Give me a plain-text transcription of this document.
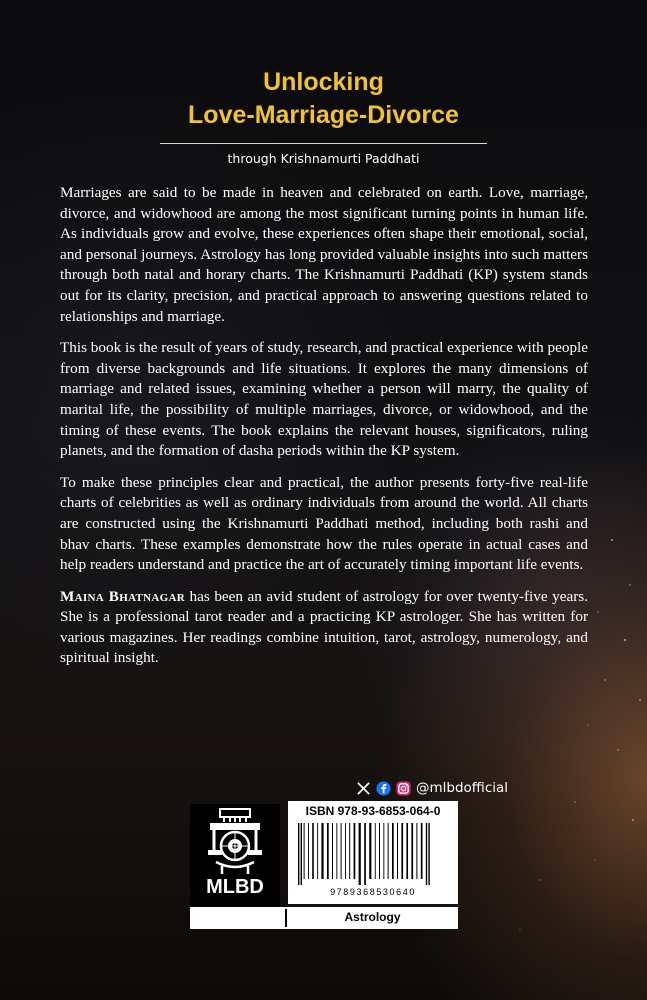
Unlocking
Love-Marriage-Divorce
through Krishnamurti Paddhati

Marriages are said to be made in heaven and celebrated on earth. Love, marriage, divorce, and widowhood are among the most significant turning points in human life. As individuals grow and evolve, these experiences often shape their emotional, social, and personal journeys. Astrology has long provided valuable insights into such matters through both natal and horary charts. The Krishnamurti Paddhati (KP) system stands out for its clarity, precision, and practical approach to answering questions related to relationships and marriage.

This book is the result of years of study, research, and practical experience with people from diverse backgrounds and life situations. It explores the many dimensions of marriage and related issues, examining whether a person will marry, the quality of marital life, the possibility of multiple marriages, divorce, or widowhood, and the timing of these events. The book explains the relevant houses, significators, ruling planets, and the formation of dasha periods within the KP system.

To make these principles clear and practical, the author presents forty-five real-life charts of celebrities as well as ordinary individuals from around the world. All charts are constructed using the Krishnamurti Paddhati method, including both rashi and bhav charts. These examples demonstrate how the rules operate in actual cases and help readers understand and practice the art of accurately timing important life events.

Maina Bhatnagar has been an avid student of astrology for over twenty-five years. She is a professional tarot reader and a practicing KP astrologer. She has written for various magazines. Her readings combine intuition, tarot, astrology, numerology, and spiritual insight.

@mlbdofficial
MLBD
ISBN 978-93-6853-064-0
9789368530640
Astrology
